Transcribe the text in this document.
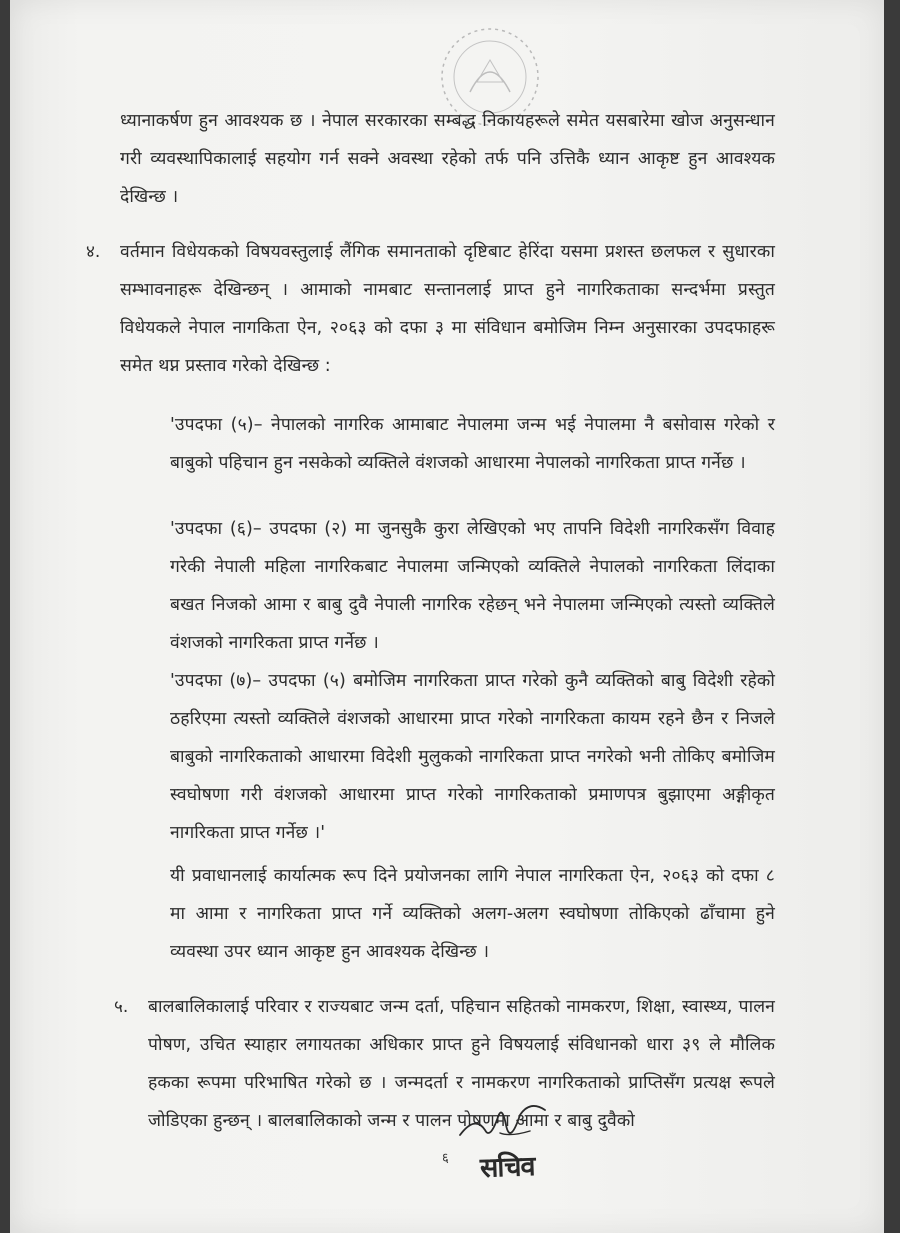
ध्यानाकर्षण हुन आवश्यक छ । नेपाल सरकारका सम्बद्ध निकायहरूले समेत यसबारेमा खोज अनुसन्धान गरी व्यवस्थापिकालाई सहयोग गर्न सक्ने अवस्था रहेको तर्फ पनि उत्तिकै ध्यान आकृष्ट हुन आवश्यक देखिन्छ ।
४. वर्तमान विधेयकको विषयवस्तुलाई लैंगिक समानताको दृष्टिबाट हेरिंदा यसमा प्रशस्त छलफल र सुधारका सम्भावनाहरू देखिन्छन् । आमाको नामबाट सन्तानलाई प्राप्त हुने नागरिकताका सन्दर्भमा प्रस्तुत विधेयकले नेपाल नागकिता ऐन, २०६३ को दफा ३ मा संविधान बमोजिम निम्न अनुसारका उपदफाहरू समेत थप्न प्रस्ताव गरेको देखिन्छ :
'उपदफा (५)– नेपालको नागरिक आमाबाट नेपालमा जन्म भई नेपालमा नै बसोवास गरेको र बाबुको पहिचान हुन नसकेको व्यक्तिले वंशजको आधारमा नेपालको नागरिकता प्राप्त गर्नेछ ।
'उपदफा (६)– उपदफा (२) मा जुनसुकै कुरा लेखिएको भए तापनि विदेशी नागरिकसँग विवाह गरेकी नेपाली महिला नागरिकबाट नेपालमा जन्मिएको व्यक्तिले नेपालको नागरिकता लिंदाका बखत निजको आमा र बाबु दुवै नेपाली नागरिक रहेछन् भने नेपालमा जन्मिएको त्यस्तो व्यक्तिले वंशजको नागरिकता प्राप्त गर्नेछ ।
'उपदफा (७)– उपदफा (५) बमोजिम नागरिकता प्राप्त गरेको कुनै व्यक्तिको बाबु विदेशी रहेको ठहरिएमा त्यस्तो व्यक्तिले वंशजको आधारमा प्राप्त गरेको नागरिकता कायम रहने छैन र निजले बाबुको नागरिकताको आधारमा विदेशी मुलुकको नागरिकता प्राप्त नगरेको भनी तोकिए बमोजिम स्वघोषणा गरी वंशजको आधारमा प्राप्त गरेको नागरिकताको प्रमाणपत्र बुझाएमा अङ्गीकृत नागरिकता प्राप्त गर्नेछ ।'
यी प्रवाधानलाई कार्यात्मक रूप दिने प्रयोजनका लागि नेपाल नागरिकता ऐन, २०६३ को दफा ८ मा आमा र नागरिकता प्राप्त गर्ने व्यक्तिको अलग-अलग स्वघोषणा तोकिएको ढाँचामा हुने व्यवस्था उपर ध्यान आकृष्ट हुन आवश्यक देखिन्छ ।
५. बालबालिकालाई परिवार र राज्यबाट जन्म दर्ता, पहिचान सहितको नामकरण, शिक्षा, स्वास्थ्य, पालन पोषण, उचित स्याहार लगायतका अधिकार प्राप्त हुने विषयलाई संविधानको धारा ३९ ले मौलिक हकका रूपमा परिभाषित गरेको छ । जन्मदर्ता र नामकरण नागरिकताको प्राप्तिसँग प्रत्यक्ष रूपले जोडिएका हुन्छन् । बालबालिकाको जन्म र पालन पोषणमा आमा र बाबु दुवैको
६ सचिव
